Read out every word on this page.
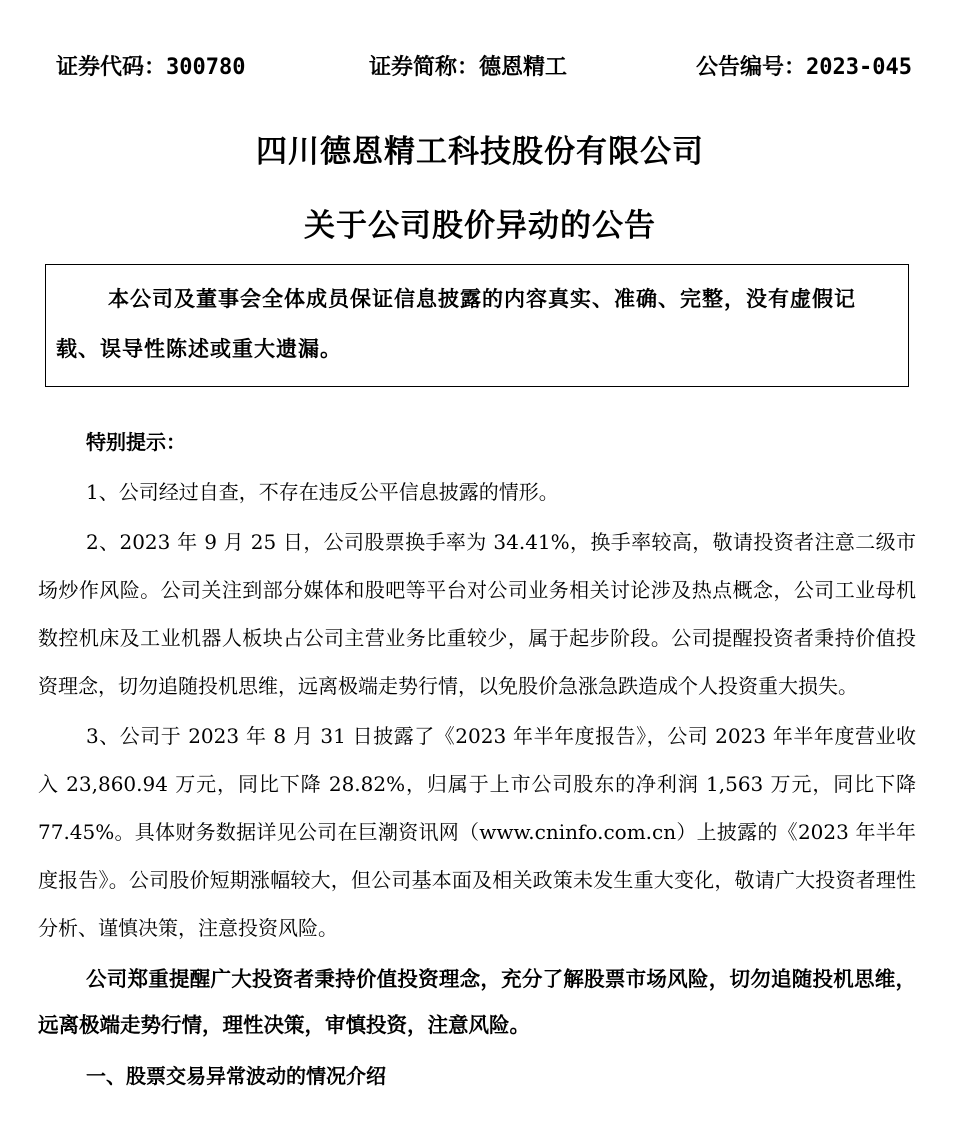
证券代码：300780	证券简称：德恩精工	公告编号：2023-045
四川德恩精工科技股份有限公司
关于公司股价异动的公告

本公司及董事会全体成员保证信息披露的内容真实、准确、完整，没有虚假记载、误导性陈述或重大遗漏。

特别提示：

1、公司经过自查，不存在违反公平信息披露的情形。

2、2023 年 9 月 25 日，公司股票换手率为 34.41%，换手率较高，敬请投资者注意二级市场炒作风险。公司关注到部分媒体和股吧等平台对公司业务相关讨论涉及热点概念，公司工业母机数控机床及工业机器人板块占公司主营业务比重较少，属于起步阶段。公司提醒投资者秉持价值投资理念，切勿追随投机思维，远离极端走势行情，以免股价急涨急跌造成个人投资重大损失。

3、公司于 2023 年 8 月 31 日披露了《2023 年半年度报告》，公司 2023 年半年度营业收入 23,860.94 万元，同比下降 28.82%，归属于上市公司股东的净利润 1,563 万元，同比下降 77.45%。具体财务数据详见公司在巨潮资讯网（www.cninfo.com.cn）上披露的《2023 年半年度报告》。公司股价短期涨幅较大，但公司基本面及相关政策未发生重大变化，敬请广大投资者理性分析、谨慎决策，注意投资风险。

公司郑重提醒广大投资者秉持价值投资理念，充分了解股票市场风险，切勿追随投机思维，远离极端走势行情，理性决策，审慎投资，注意风险。

一、股票交易异常波动的情况介绍
